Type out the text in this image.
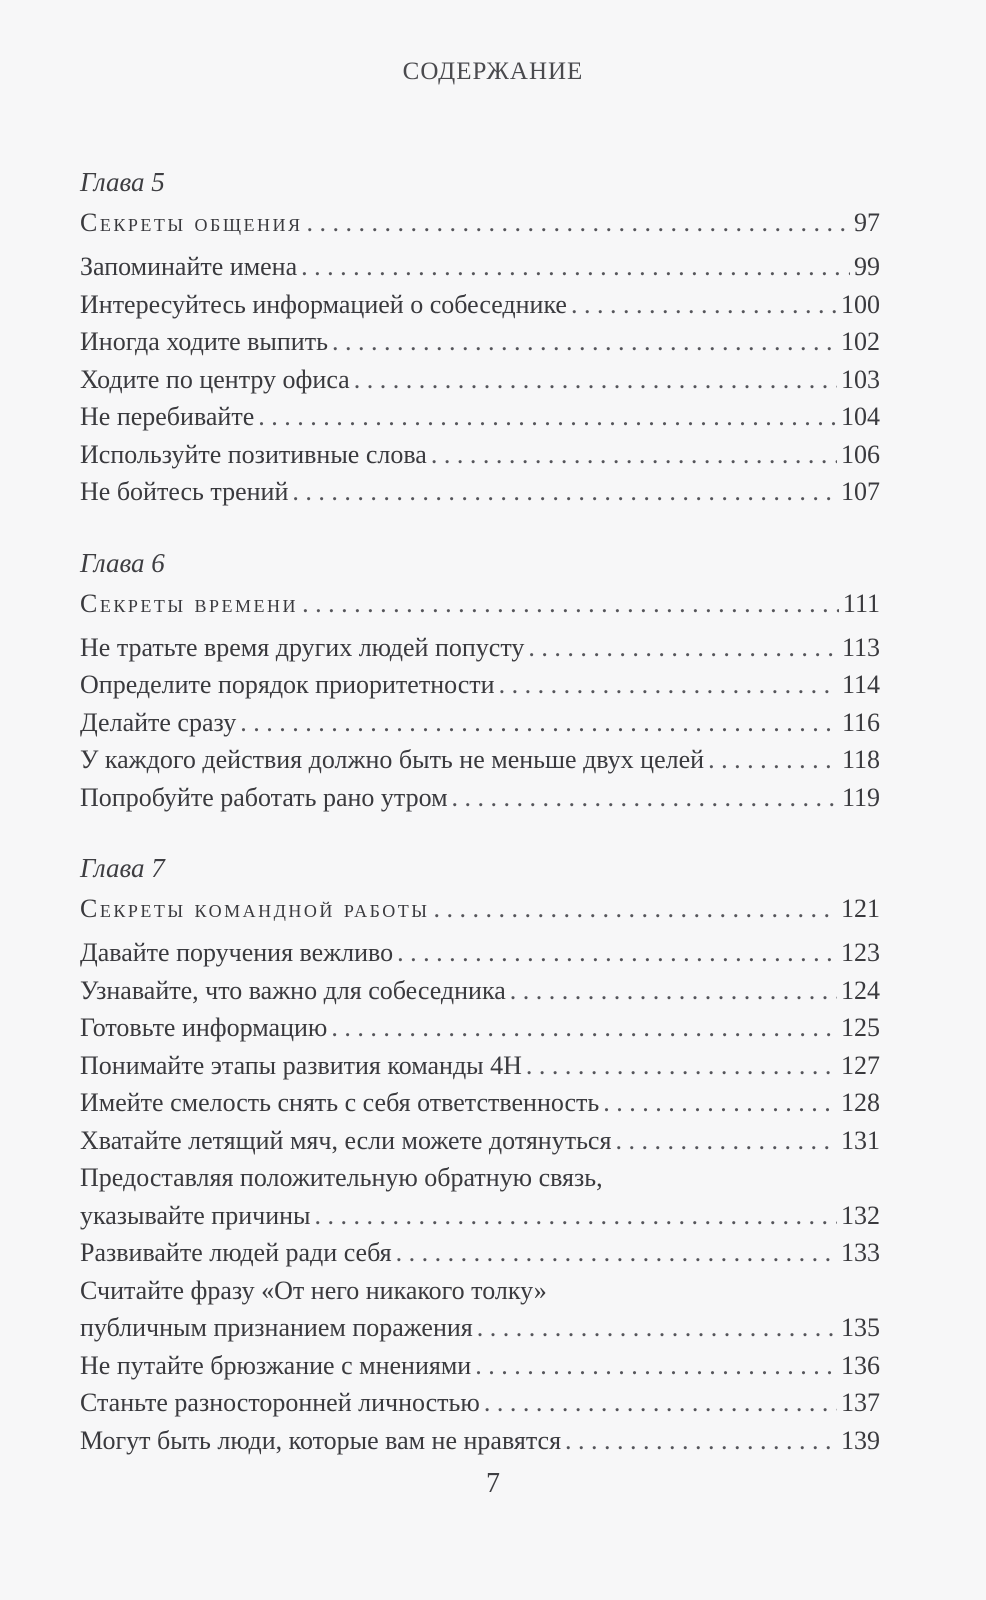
СОДЕРЖАНИЕ
Глава 5
Секреты общения . . .	97
Запоминайте имена . . .	99
Интересуйтесь информацией о собеседнике . . .	100
Иногда ходите выпить . . .	102
Ходите по центру офиса . . .	103
Не перебивайте . . .	104
Используйте позитивные слова . . .	106
Не бойтесь трений . . .	107
Глава 6
Секреты времени . . .	111
Не тратьте время других людей попусту . . .	113
Определите порядок приоритетности . . .	114
Делайте сразу . . .	116
У каждого действия должно быть не меньше двух целей . . .	118
Попробуйте работать рано утром . . .	119
Глава 7
Секреты командной работы . . .	121
Давайте поручения вежливо . . .	123
Узнавайте, что важно для собеседника . . .	124
Готовьте информацию . . .	125
Понимайте этапы развития команды 4Н . . .	127
Имейте смелость снять с себя ответственность . . .	128
Хватайте летящий мяч, если можете дотянуться . . .	131
Предоставляя положительную обратную связь,
указывайте причины . . .	132
Развивайте людей ради себя . . .	133
Считайте фразу «От него никакого толку»
публичным признанием поражения . . .	135
Не путайте брюзжание с мнениями . . .	136
Станьте разносторонней личностью . . .	137
Могут быть люди, которые вам не нравятся . . .	139
7
